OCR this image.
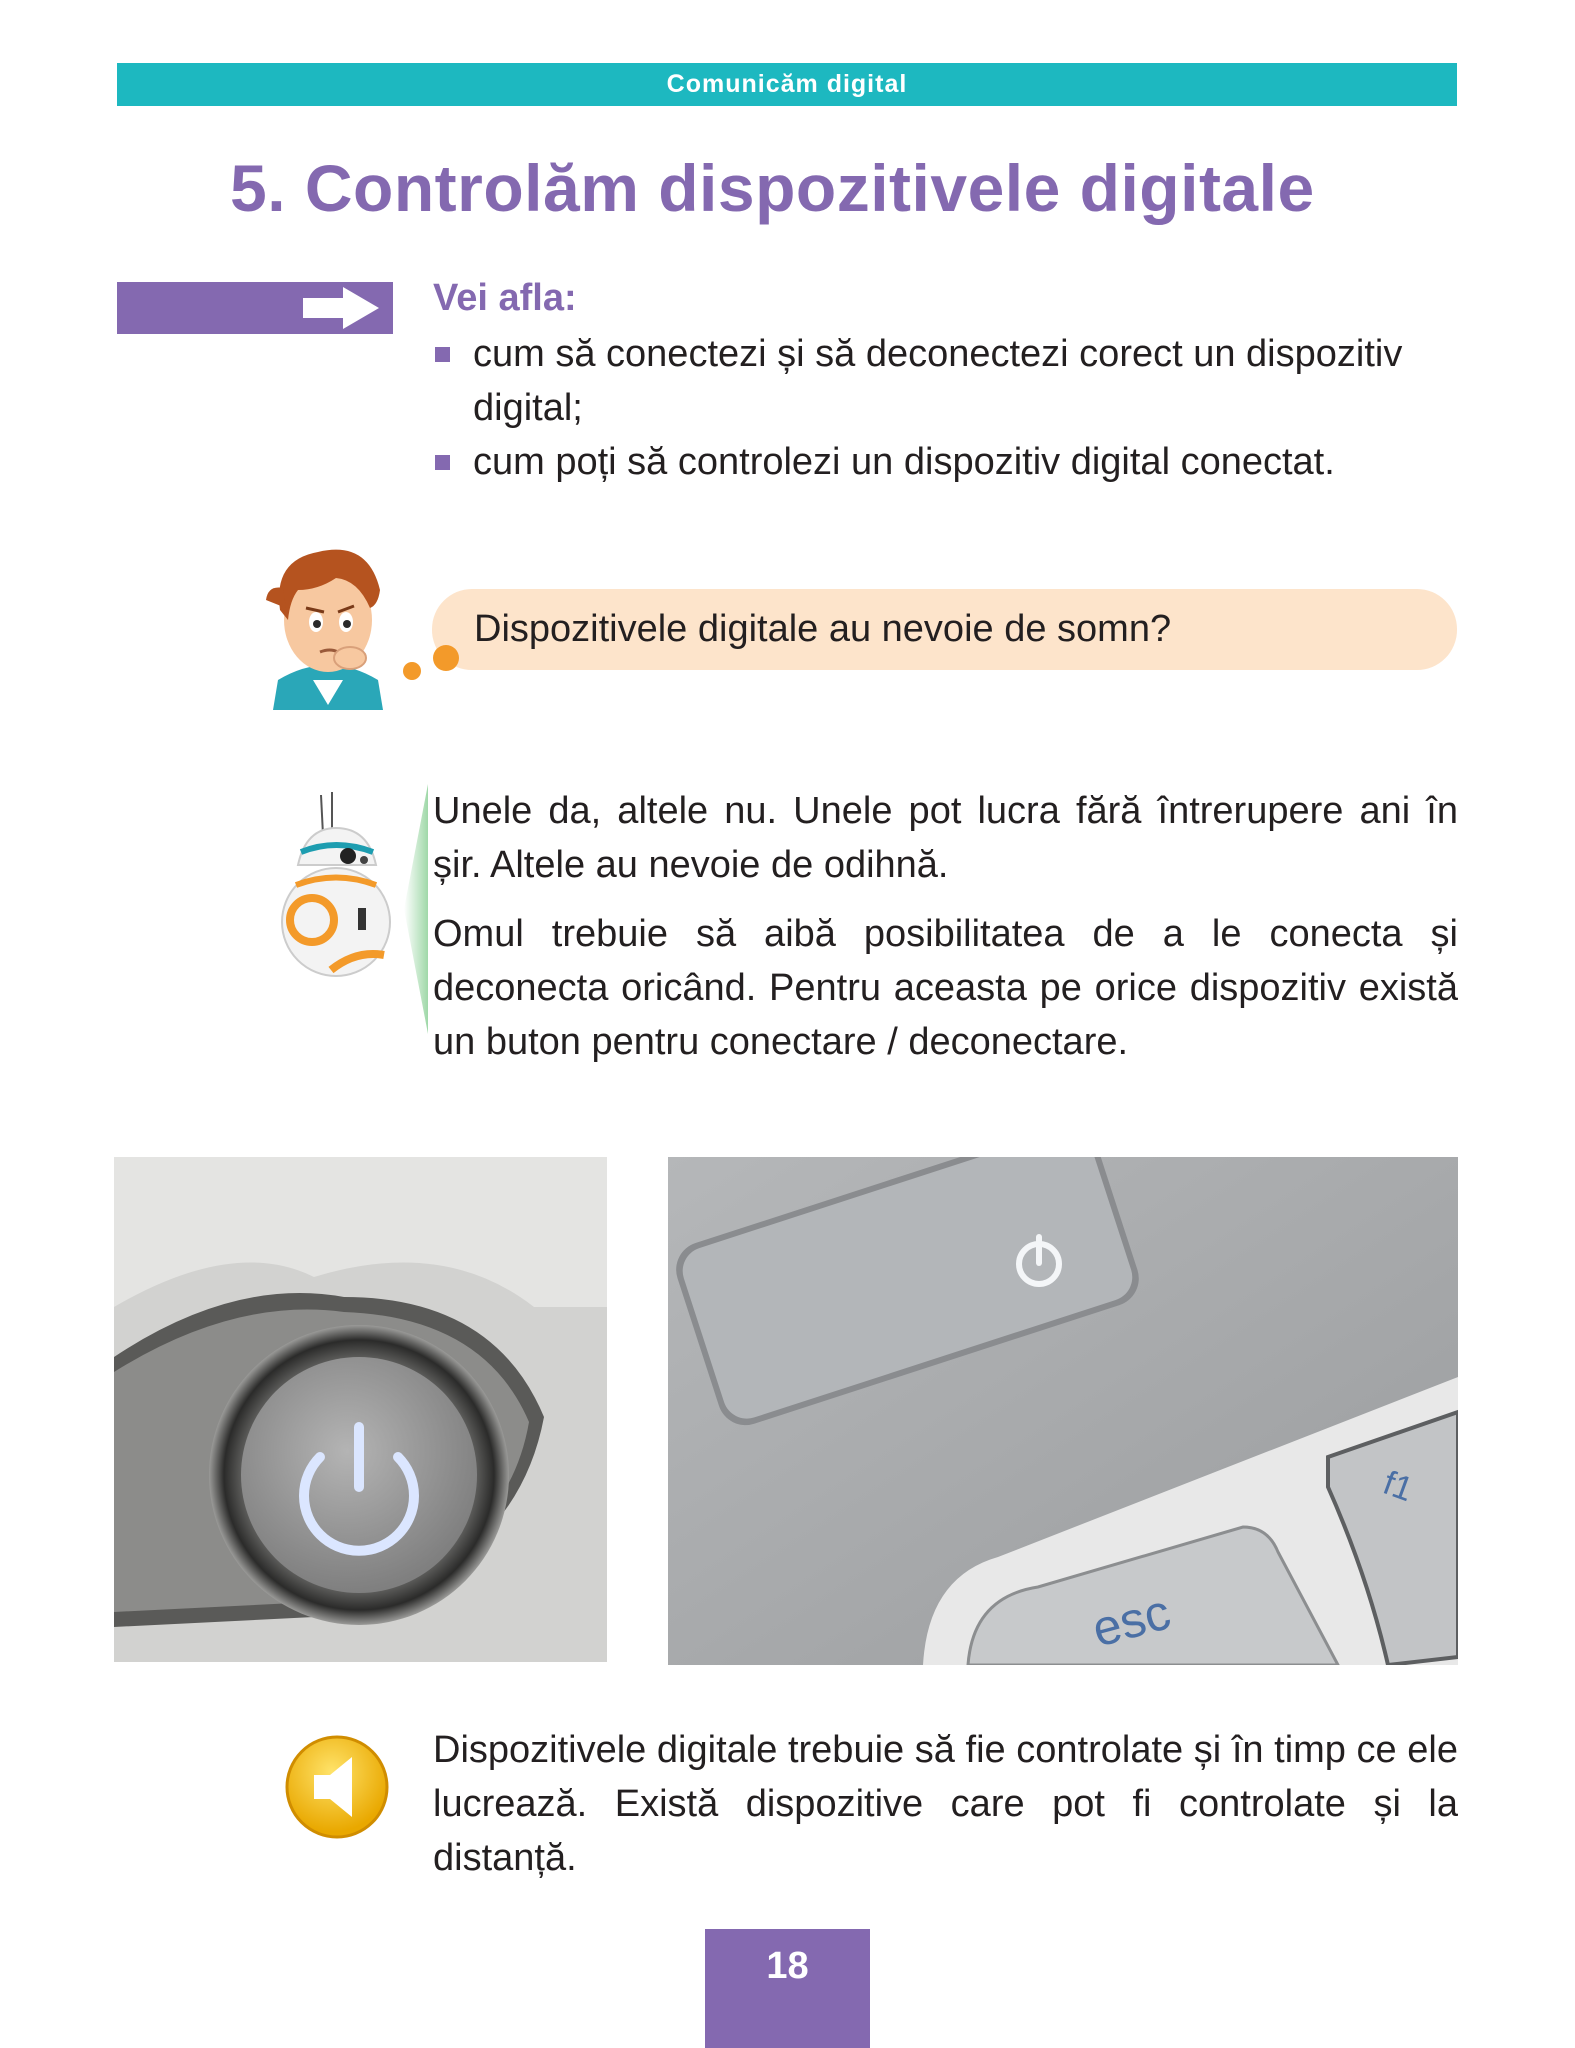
Comunicăm digital
5. Controlăm dispozitivele digitale
Vei afla:
cum să conectezi și să deconectezi corect un dispozitiv digital;
cum poți să controlezi un dispozitiv digital conectat.
Dispozitivele digitale au nevoie de somn?

Unele da, altele nu. Unele pot lucra fără întrerupere ani în șir. Altele au nevoie de odihnă.

Omul trebuie să aibă posibilitatea de a le conecta și deconecta oricând. Pentru aceasta pe orice dispozitiv există un buton pentru conectare / deconectare.

esc
f1

Dispozitivele digitale trebuie să fie controlate și în timp ce ele lucrează. Există dispozitive care pot fi controlate și la distanță.

18
